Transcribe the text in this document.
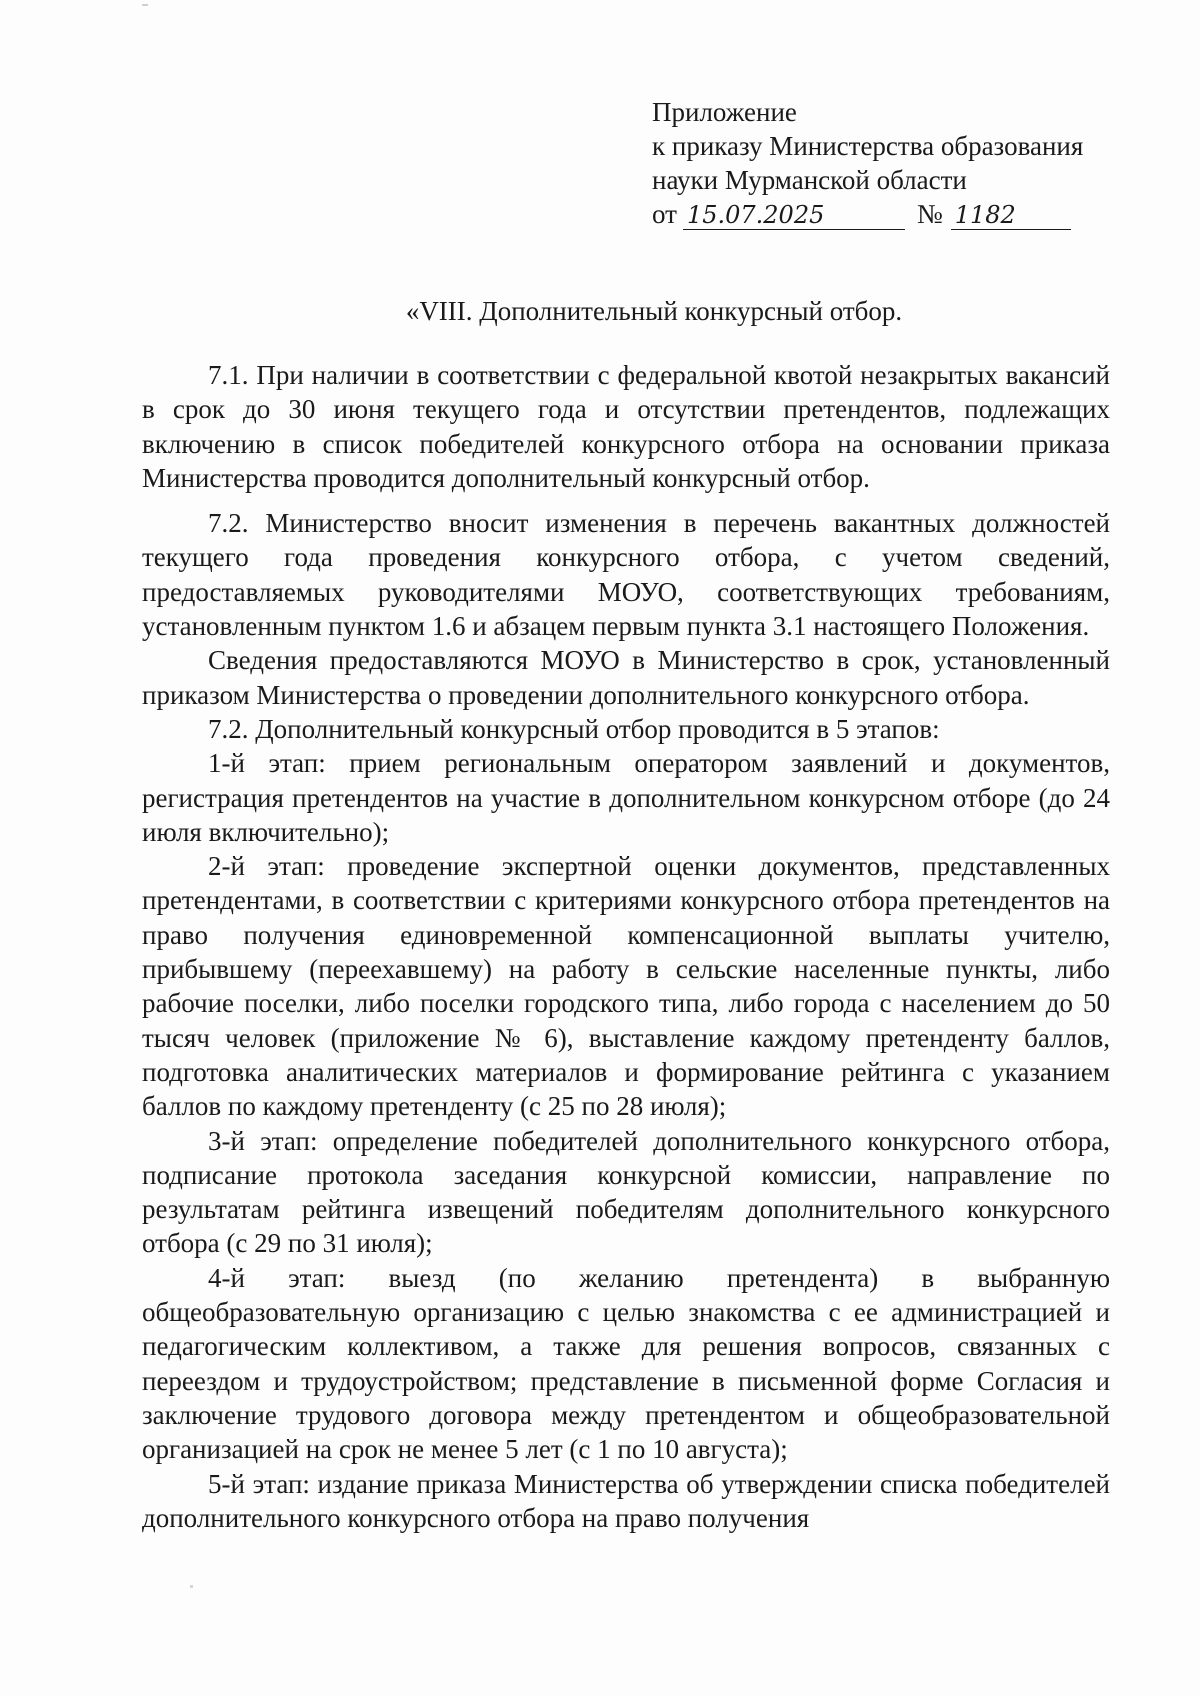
Приложение
к приказу Министерства образования
науки Мурманской области
от 15.07.2025	№ 1182
«VIII. Дополнительный конкурсный отбор.

7.1. При наличии в соответствии с федеральной квотой незакрытых вакансий в срок до 30 июня текущего года и отсутствии претендентов, подлежащих включению в список победителей конкурсного отбора на основании приказа Министерства проводится дополнительный конкурсный отбор.

7.2. Министерство вносит изменения в перечень вакантных должностей текущего года проведения конкурсного отбора, с учетом сведений, предоставляемых руководителями МОУО, соответствующих требованиям, установленным пунктом 1.6 и абзацем первым пункта 3.1 настоящего Положения.

Сведения предоставляются МОУО в Министерство в срок, установленный приказом Министерства о проведении дополнительного конкурсного отбора.

7.2. Дополнительный конкурсный отбор проводится в 5 этапов:

1-й этап: прием региональным оператором заявлений и документов, регистрация претендентов на участие в дополнительном конкурсном отборе (до 24 июля включительно);

2-й этап: проведение экспертной оценки документов, представленных претендентами, в соответствии с критериями конкурсного отбора претендентов на право получения единовременной компенсационной выплаты учителю, прибывшему (переехавшему) на работу в сельские населенные пункты, либо рабочие поселки, либо поселки городского типа, либо города с населением до 50 тысяч человек (приложение № 6), выставление каждому претенденту баллов, подготовка аналитических материалов и формирование рейтинга с указанием баллов по каждому претенденту (с 25 по 28 июля);

3-й этап: определение победителей дополнительного конкурсного отбора, подписание протокола заседания конкурсной комиссии, направление по результатам рейтинга извещений победителям дополнительного конкурсного отбора (с 29 по 31 июля);

4-й этап: выезд (по желанию претендента) в выбранную общеобразовательную организацию с целью знакомства с ее администрацией и педагогическим коллективом, а также для решения вопросов, связанных с переездом и трудоустройством; представление в письменной форме Согласия и заключение трудового договора между претендентом и общеобразовательной организацией на срок не менее 5 лет (с 1 по 10 августа);

5-й этап: издание приказа Министерства об утверждении списка победителей дополнительного конкурсного отбора на право получения
